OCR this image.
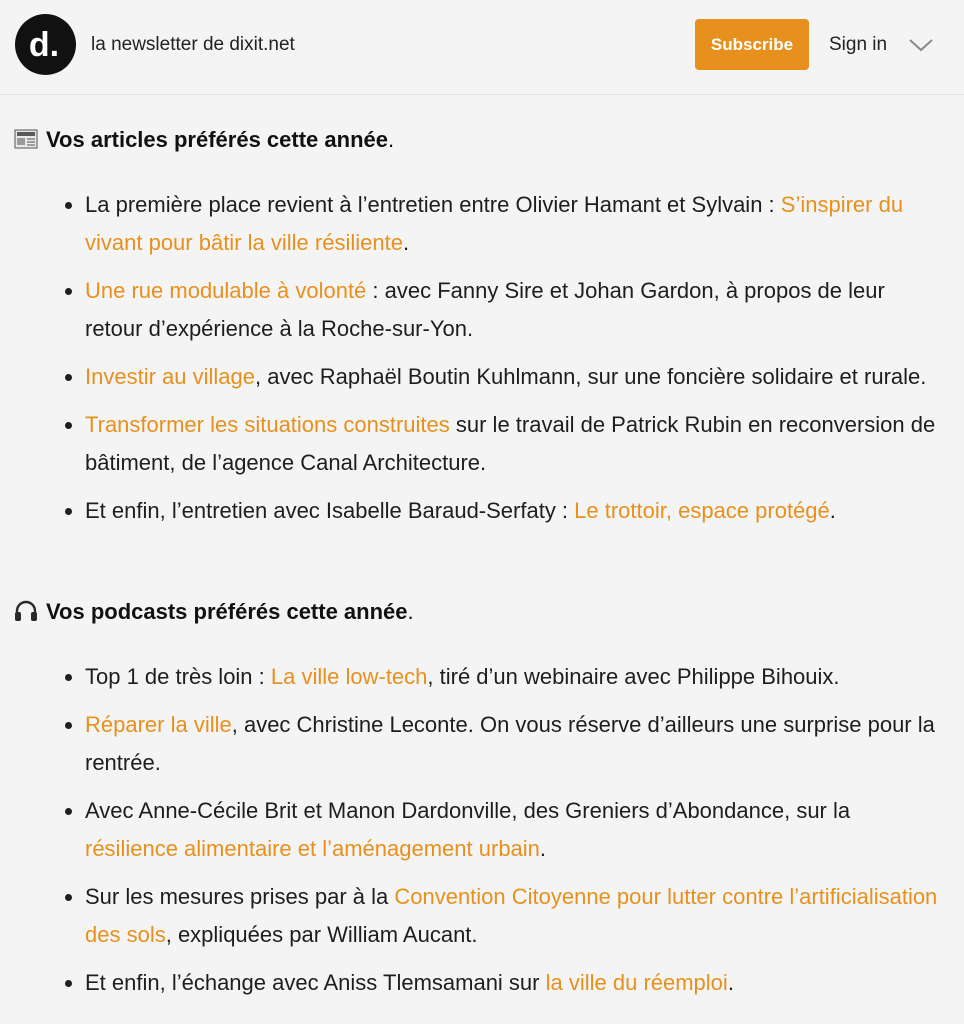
d. la newsletter de dixit.net	Subscribe	Sign in
Vos articles préférés cette année.
La première place revient à l’entretien entre Olivier Hamant et Sylvain : S’inspirer du vivant pour bâtir la ville résiliente.
Une rue modulable à volonté : avec Fanny Sire et Johan Gardon, à propos de leur retour d’expérience à la Roche-sur-Yon.
Investir au village, avec Raphaël Boutin Kuhlmann, sur une foncière solidaire et rurale.
Transformer les situations construites sur le travail de Patrick Rubin en reconversion de bâtiment, de l’agence Canal Architecture.
Et enfin, l’entretien avec Isabelle Baraud-Serfaty : Le trottoir, espace protégé.
Vos podcasts préférés cette année.
Top 1 de très loin : La ville low-tech, tiré d’un webinaire avec Philippe Bihouix.
Réparer la ville, avec Christine Leconte. On vous réserve d’ailleurs une surprise pour la rentrée.
Avec Anne-Cécile Brit et Manon Dardonville, des Greniers d’Abondance, sur la résilience alimentaire et l’aménagement urbain.
Sur les mesures prises par à la Convention Citoyenne pour lutter contre l’artificialisation des sols, expliquées par William Aucant.
Et enfin, l’échange avec Aniss Tlemsamani sur la ville du réemploi.
